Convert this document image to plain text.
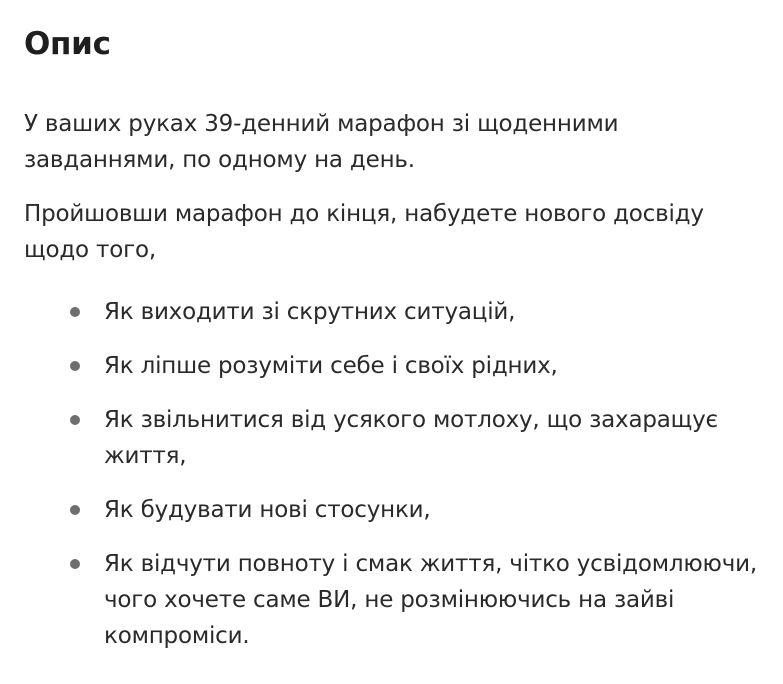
Опис

У ваших руках 39-денний марафон зі щоденними завданнями, по одному на день.

Пройшовши марафон до кінця, набудете нового досвіду щодо того,

Як виходити зі скрутних ситуацій,
Як ліпше розуміти себе і своїх рідних,
Як звільнитися від усякого мотлоху, що захаращує життя,
Як будувати нові стосунки,
Як відчути повноту і смак життя, чітко усвідомлюючи, чого хочете саме ВИ, не розмінюючись на зайві компроміси.
